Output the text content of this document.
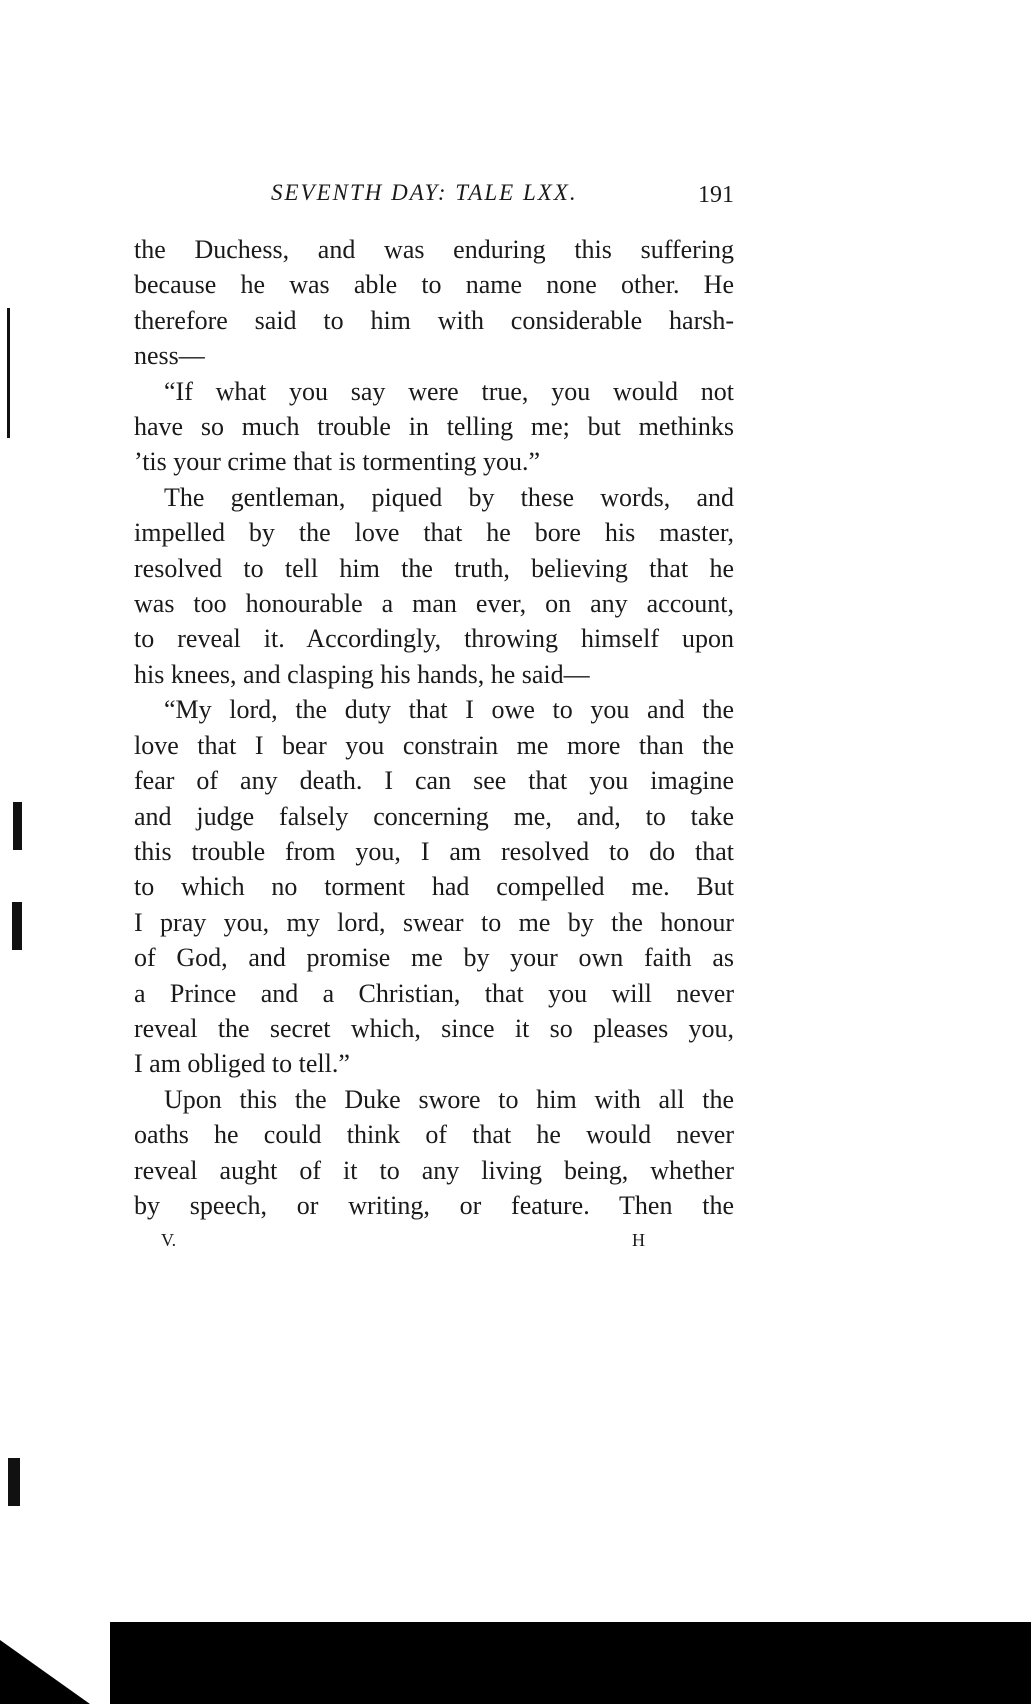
SEVENTH DAY: TALE LXX.	191

the Duchess, and was enduring this suffering
because he was able to name none other. He
therefore said to him with considerable harsh-
ness—

“If what you say were true, you would not
have so much trouble in telling me; but methinks
’tis your crime that is tormenting you.”

The gentleman, piqued by these words, and
impelled by the love that he bore his master,
resolved to tell him the truth, believing that he
was too honourable a man ever, on any account,
to reveal it. Accordingly, throwing himself upon
his knees, and clasping his hands, he said—

“My lord, the duty that I owe to you and the
love that I bear you constrain me more than the
fear of any death. I can see that you imagine
and judge falsely concerning me, and, to take
this trouble from you, I am resolved to do that
to which no torment had compelled me. But
I pray you, my lord, swear to me by the honour
of God, and promise me by your own faith as
a Prince and a Christian, that you will never
reveal the secret which, since it so pleases you,
I am obliged to tell.”

Upon this the Duke swore to him with all the
oaths he could think of that he would never
reveal aught of it to any living being, whether
by speech, or writing, or feature. Then the

V.	H
